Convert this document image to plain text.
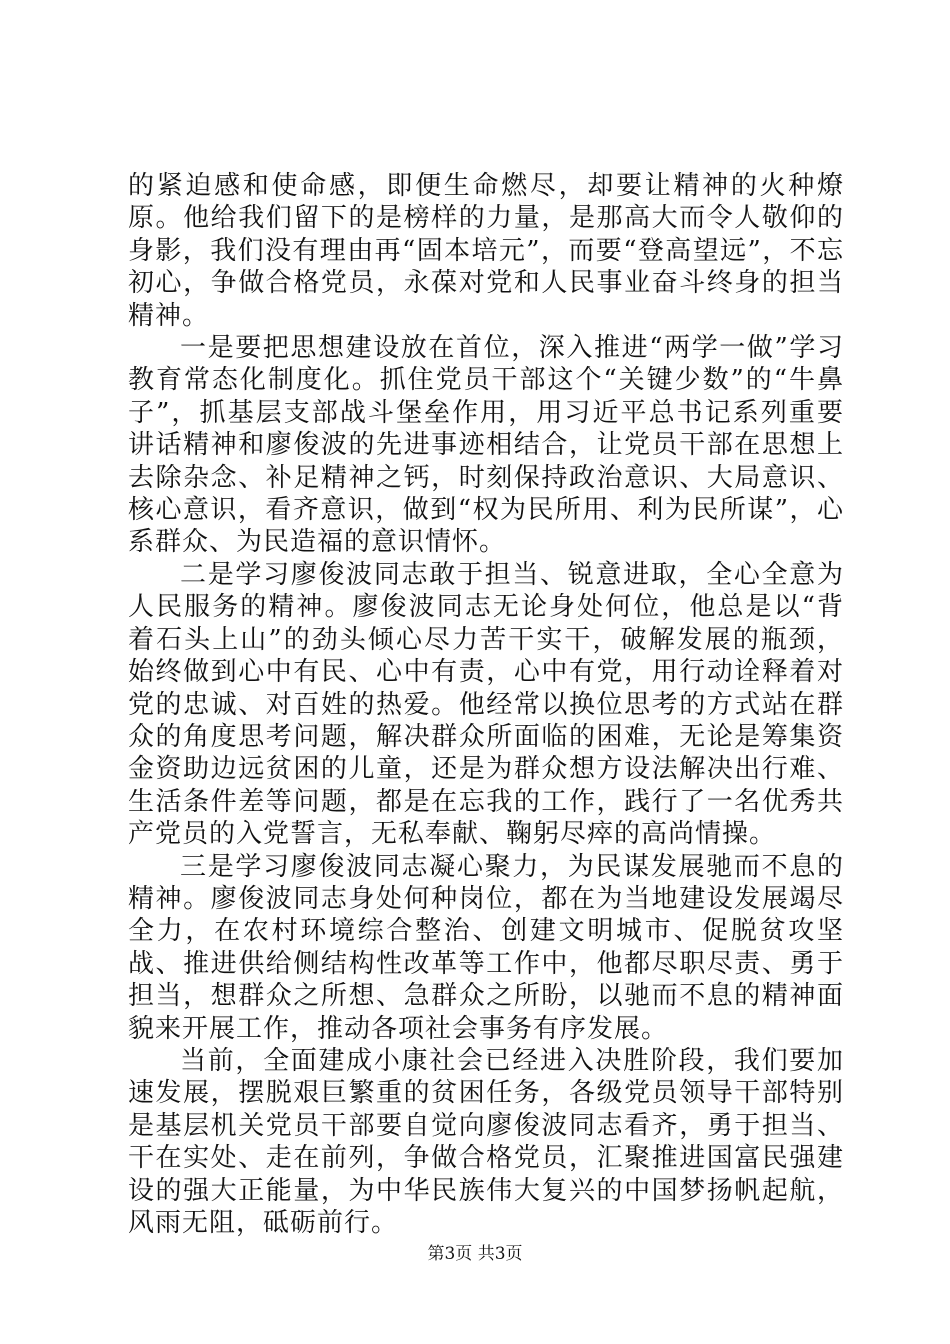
的紧迫感和使命感，即便生命燃尽，却要让精神的火种燎原。他给我们留下的是榜样的力量，是那高大而令人敬仰的身影，我们没有理由再“固本培元”，而要“登高望远”，不忘初心，争做合格党员，永葆对党和人民事业奋斗终身的担当精神。

一是要把思想建设放在首位，深入推进“两学一做”学习教育常态化制度化。抓住党员干部这个“关键少数”的“牛鼻子”，抓基层支部战斗堡垒作用，用习近平总书记系列重要讲话精神和廖俊波的先进事迹相结合，让党员干部在思想上去除杂念、补足精神之钙，时刻保持政治意识、大局意识、核心意识，看齐意识，做到“权为民所用、利为民所谋”，心系群众、为民造福的意识情怀。

二是学习廖俊波同志敢于担当、锐意进取，全心全意为人民服务的精神。廖俊波同志无论身处何位，他总是以“背着石头上山”的劲头倾心尽力苦干实干，破解发展的瓶颈，始终做到心中有民、心中有责，心中有党，用行动诠释着对党的忠诚、对百姓的热爱。他经常以换位思考的方式站在群众的角度思考问题，解决群众所面临的困难，无论是筹集资金资助边远贫困的儿童，还是为群众想方设法解决出行难、生活条件差等问题，都是在忘我的工作，践行了一名优秀共产党员的入党誓言，无私奉献、鞠躬尽瘁的高尚情操。

三是学习廖俊波同志凝心聚力，为民谋发展驰而不息的精神。廖俊波同志身处何种岗位，都在为当地建设发展竭尽全力，在农村环境综合整治、创建文明城市、促脱贫攻坚战、推进供给侧结构性改革等工作中，他都尽职尽责、勇于担当，想群众之所想、急群众之所盼，以驰而不息的精神面貌来开展工作，推动各项社会事务有序发展。

当前，全面建成小康社会已经进入决胜阶段，我们要加速发展，摆脱艰巨繁重的贫困任务，各级党员领导干部特别是基层机关党员干部要自觉向廖俊波同志看齐，勇于担当、干在实处、走在前列，争做合格党员，汇聚推进国富民强建设的强大正能量，为中华民族伟大复兴的中国梦扬帆起航，风雨无阻，砥砺前行。

第3页 共3页
